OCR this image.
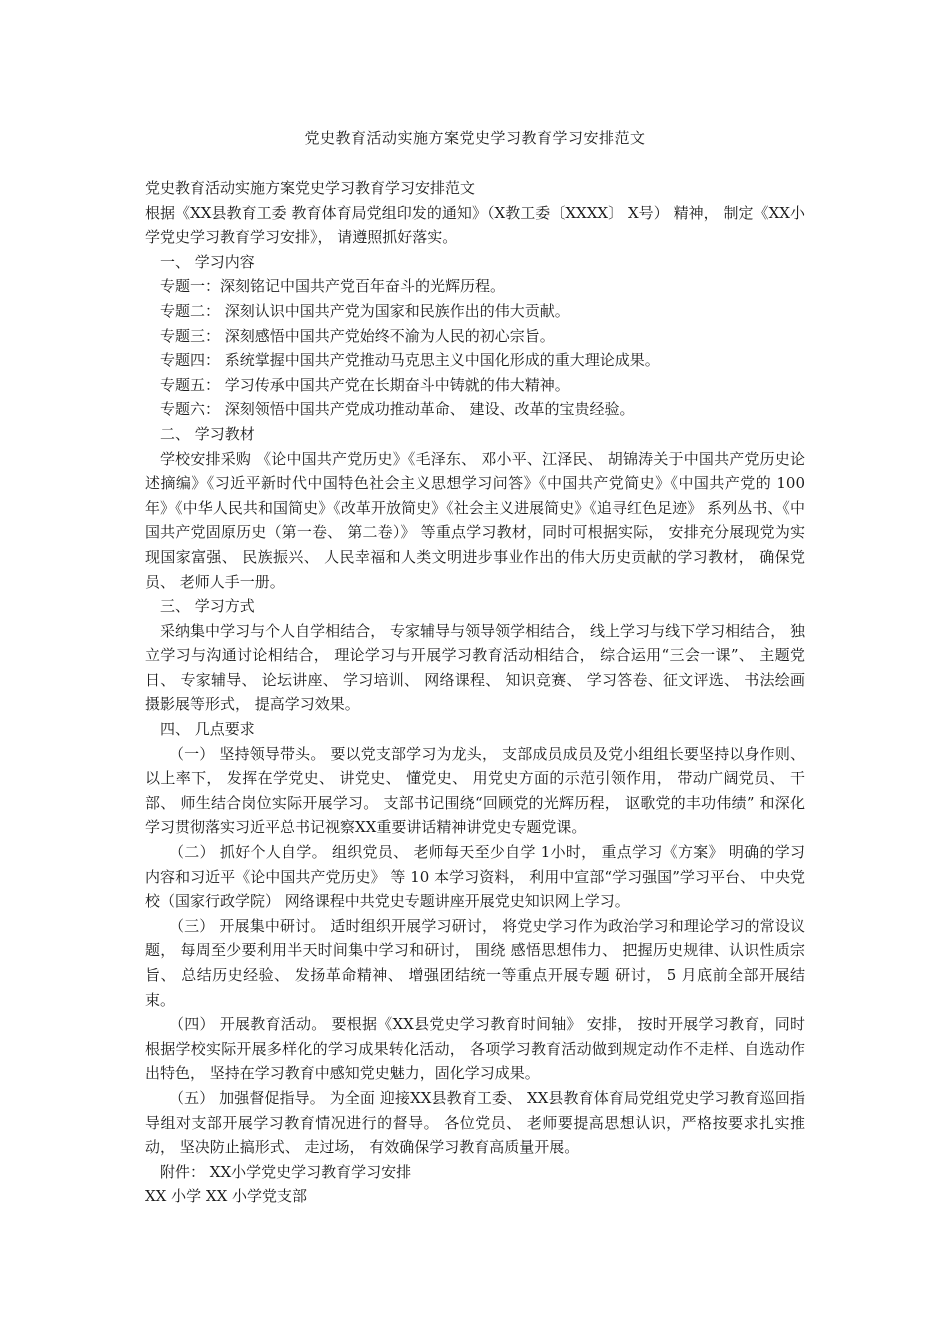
党史教育活动实施方案党史学习教育学习安排范文

党史教育活动实施方案党史学习教育学习安排范文

根据《XX县教育工委 教育体育局党组印发的通知》（X教工委〔XXXX〕 X号） 精神， 制定《XX小学党史学习教育学习安排》， 请遵照抓好落实。

一、 学习内容

专题一：深刻铭记中国共产党百年奋斗的光辉历程。

专题二： 深刻认识中国共产党为国家和民族作出的伟大贡献。

专题三： 深刻感悟中国共产党始终不渝为人民的初心宗旨。

专题四： 系统掌握中国共产党推动马克思主义中国化形成的重大理论成果。

专题五： 学习传承中国共产党在长期奋斗中铸就的伟大精神。

专题六： 深刻领悟中国共产党成功推动革命、 建设、改革的宝贵经验。

二、 学习教材

学校安排采购 《论中国共产党历史》《毛泽东、 邓小平、江泽民、 胡锦涛关于中国共产党历史论述摘编》《习近平新时代中国特色社会主义思想学习问答》《中国共产党简史》《中国共产党的 100 年》《中华人民共和国简史》《改革开放简史》《社会主义进展简史》《追寻红色足迹》 系列丛书、《中国共产党固原历史（第一卷、 第二卷）》 等重点学习教材，同时可根据实际， 安排充分展现党为实现国家富强、 民族振兴、 人民幸福和人类文明进步事业作出的伟大历史贡献的学习教材， 确保党员、 老师人手一册。

三、 学习方式

采纳集中学习与个人自学相结合， 专家辅导与领导领学相结合， 线上学习与线下学习相结合， 独立学习与沟通讨论相结合， 理论学习与开展学习教育活动相结合， 综合运用“三会一课”、 主题党日、 专家辅导、 论坛讲座、 学习培训、 网络课程、 知识竞赛、 学习答卷、征文评选、 书法绘画摄影展等形式， 提高学习效果。

四、 几点要求

（一） 坚持领导带头。 要以党支部学习为龙头， 支部成员成员及党小组组长要坚持以身作则、 以上率下， 发挥在学党史、 讲党史、 懂党史、 用党史方面的示范引领作用， 带动广阔党员、 干部、 师生结合岗位实际开展学习。 支部书记围绕“回顾党的光辉历程， 讴歌党的丰功伟绩” 和深化学习贯彻落实习近平总书记视察XX重要讲话精神讲党史专题党课。

（二） 抓好个人自学。 组织党员、 老师每天至少自学 1小时， 重点学习《方案》 明确的学习内容和习近平《论中国共产党历史》 等 10 本学习资料， 利用中宣部“学习强国”学习平台、 中央党校（国家行政学院） 网络课程中共党史专题讲座开展党史知识网上学习。

（三） 开展集中研讨。 适时组织开展学习研讨， 将党史学习作为政治学习和理论学习的常设议题， 每周至少要利用半天时间集中学习和研讨， 围绕 感悟思想伟力、 把握历史规律、认识性质宗旨、 总结历史经验、 发扬革命精神、 增强团结统一等重点开展专题 研讨， 5 月底前全部开展结束。

（四） 开展教育活动。 要根据《XX县党史学习教育时间轴》 安排， 按时开展学习教育，同时根据学校实际开展多样化的学习成果转化活动， 各项学习教育活动做到规定动作不走样、自选动作出特色， 坚持在学习教育中感知党史魅力，固化学习成果。

（五） 加强督促指导。 为全面 迎接XX县教育工委、 XX县教育体育局党组党史学习教育巡回指导组对支部开展学习教育情况进行的督导。 各位党员、 老师要提高思想认识，严格按要求扎实推动， 坚决防止搞形式、 走过场， 有效确保学习教育高质量开展。

附件： XX小学党史学习教育学习安排

XX 小学 XX 小学党支部
